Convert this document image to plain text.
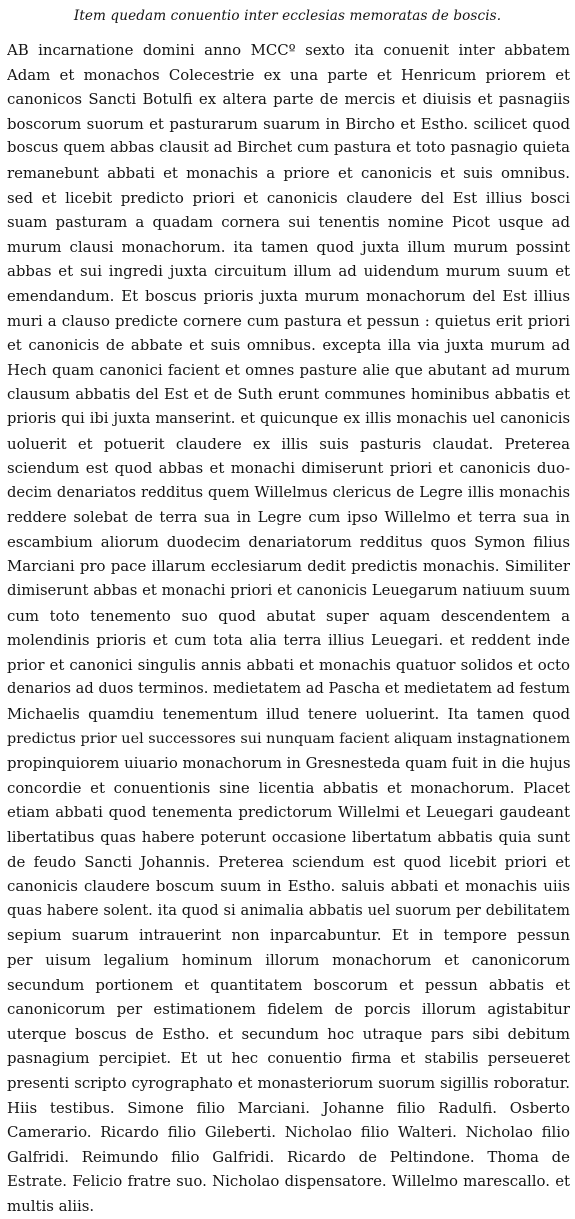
Item quedam conuentio inter ecclesias memoratas de boscis.
AB incarnatione domini anno MCCº sexto ita conuenit inter abbatem
Adam et monachos Colecestrie ex una parte et Henricum priorem et
canonicos Sancti Botulfi ex altera parte de mercis et diuisis et pasnagiis
boscorum suorum et pasturarum suarum in Bircho et Estho. scilicet quod
boscus quem abbas clausit ad Birchet cum pastura et toto pasnagio quieta
remanebunt abbati et monachis a priore et canonicis et suis omnibus.
sed et licebit predicto priori et canonicis claudere del Est illius bosci
suam pasturam a quadam cornera sui tenentis nomine Picot usque ad
murum clausi monachorum. ita tamen quod juxta illum murum possint
abbas et sui ingredi juxta circuitum illum ad uidendum murum suum et
emendandum. Et boscus prioris juxta murum monachorum del Est illius
muri a clauso predicte cornere cum pastura et pessun : quietus erit priori
et canonicis de abbate et suis omnibus. excepta illa via juxta murum ad
Hech quam canonici facient et omnes pasture alie que abutant ad murum
clausum abbatis del Est et de Suth erunt communes hominibus abbatis et
prioris qui ibi juxta manserint. et quicunque ex illis monachis uel canonicis
uoluerit et potuerit claudere ex illis suis pasturis claudat. Preterea
sciendum est quod abbas et monachi dimiserunt priori et canonicis duo-
decim denariatos redditus quem Willelmus clericus de Legre illis monachis
reddere solebat de terra sua in Legre cum ipso Willelmo et terra sua in
escambium aliorum duodecim denariatorum redditus quos Symon filius
Marciani pro pace illarum ecclesiarum dedit predictis monachis. Similiter
dimiserunt abbas et monachi priori et canonicis Leuegarum natiuum suum
cum toto tenemento suo quod abutat super aquam descendentem a
molendinis prioris et cum tota alia terra illius Leuegari. et reddent inde
prior et canonici singulis annis abbati et monachis quatuor solidos et octo
denarios ad duos terminos. medietatem ad Pascha et medietatem ad festum
Michaelis quamdiu tenementum illud tenere uoluerint. Ita tamen quod
predictus prior uel successores sui nunquam facient aliquam instagnationem
propinquiorem uiuario monachorum in Gresnesteda quam fuit in die hujus
concordie et conuentionis sine licentia abbatis et monachorum. Placet
etiam abbati quod tenementa predictorum Willelmi et Leuegari gaudeant
libertatibus quas habere poterunt occasione libertatum abbatis quia sunt
de feudo Sancti Johannis. Preterea sciendum est quod licebit priori et
canonicis claudere boscum suum in Estho. saluis abbati et monachis uiis
quas habere solent. ita quod si animalia abbatis uel suorum per debilitatem
sepium suarum intrauerint non inparcabuntur. Et in tempore pessun
per uisum legalium hominum illorum monachorum et canonicorum
secundum portionem et quantitatem boscorum et pessun abbatis et
canonicorum per estimationem fidelem de porcis illorum agistabitur
uterque boscus de Estho. et secundum hoc utraque pars sibi debitum
pasnagium percipiet. Et ut hec conuentio firma et stabilis perseueret
presenti scripto cyrographato et monasteriorum suorum sigillis roboratur.
Hiis testibus. Simone filio Marciani. Johanne filio Radulfi. Osberto
Camerario. Ricardo filio Gileberti. Nicholao filio Walteri. Nicholao filio
Galfridi. Reimundo filio Galfridi. Ricardo de Peltindone. Thoma de
Estrate. Felicio fratre suo. Nicholao dispensatore. Willelmo marescallo. et
multis aliis.
